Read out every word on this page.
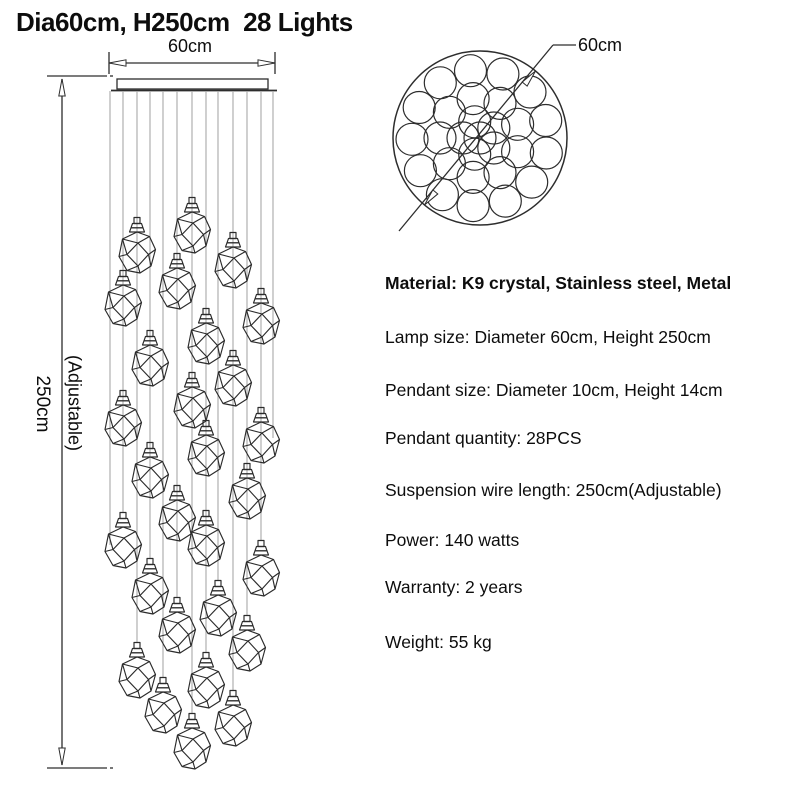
Dia60cm, H250cm  28 Lights
60cm
250cm (Adjustable)
60cm
Material: K9 crystal, Stainless steel, Metal
Lamp size: Diameter 60cm, Height 250cm
Pendant size: Diameter 10cm, Height 14cm
Pendant quantity: 28PCS
Suspension wire length: 250cm(Adjustable)
Power: 140 watts
Warranty: 2 years
Weight: 55 kg
